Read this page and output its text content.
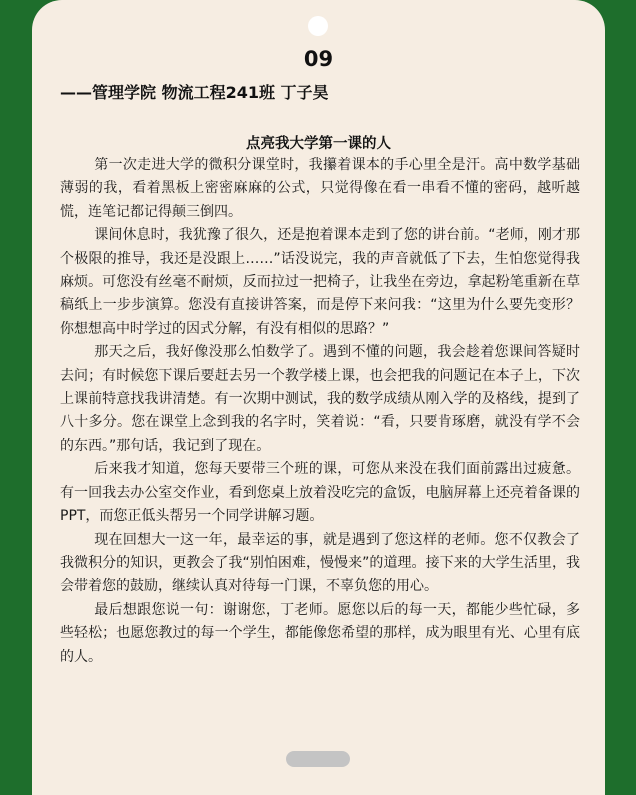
09
——管理学院 物流工程241班 丁子昊
点亮我大学第一课的人

第一次走进大学的微积分课堂时，我攥着课本的手心里全是汗。高中数学基础薄弱的我，看着黑板上密密麻麻的公式，只觉得像在看一串看不懂的密码，越听越慌，连笔记都记得颠三倒四。

课间休息时，我犹豫了很久，还是抱着课本走到了您的讲台前。“老师，刚才那个极限的推导，我还是没跟上……”话没说完，我的声音就低了下去，生怕您觉得我麻烦。可您没有丝毫不耐烦，反而拉过一把椅子，让我坐在旁边，拿起粉笔重新在草稿纸上一步步演算。您没有直接讲答案，而是停下来问我：“这里为什么要先变形？你想想高中时学过的因式分解，有没有相似的思路？”

那天之后，我好像没那么怕数学了。遇到不懂的问题，我会趁着您课间答疑时去问；有时候您下课后要赶去另一个教学楼上课，也会把我的问题记在本子上，下次上课前特意找我讲清楚。有一次期中测试，我的数学成绩从刚入学的及格线，提到了八十多分。您在课堂上念到我的名字时，笑着说：“看，只要肯琢磨，就没有学不会的东西。”那句话，我记到了现在。

后来我才知道，您每天要带三个班的课，可您从来没在我们面前露出过疲惫。有一回我去办公室交作业，看到您桌上放着没吃完的盒饭，电脑屏幕上还亮着备课的PPT，而您正低头帮另一个同学讲解习题。

现在回想大一这一年，最幸运的事，就是遇到了您这样的老师。您不仅教会了我微积分的知识，更教会了我“别怕困难，慢慢来”的道理。接下来的大学生活里，我会带着您的鼓励，继续认真对待每一门课，不辜负您的用心。

最后想跟您说一句：谢谢您，丁老师。愿您以后的每一天，都能少些忙碌，多些轻松；也愿您教过的每一个学生，都能像您希望的那样，成为眼里有光、心里有底的人。
